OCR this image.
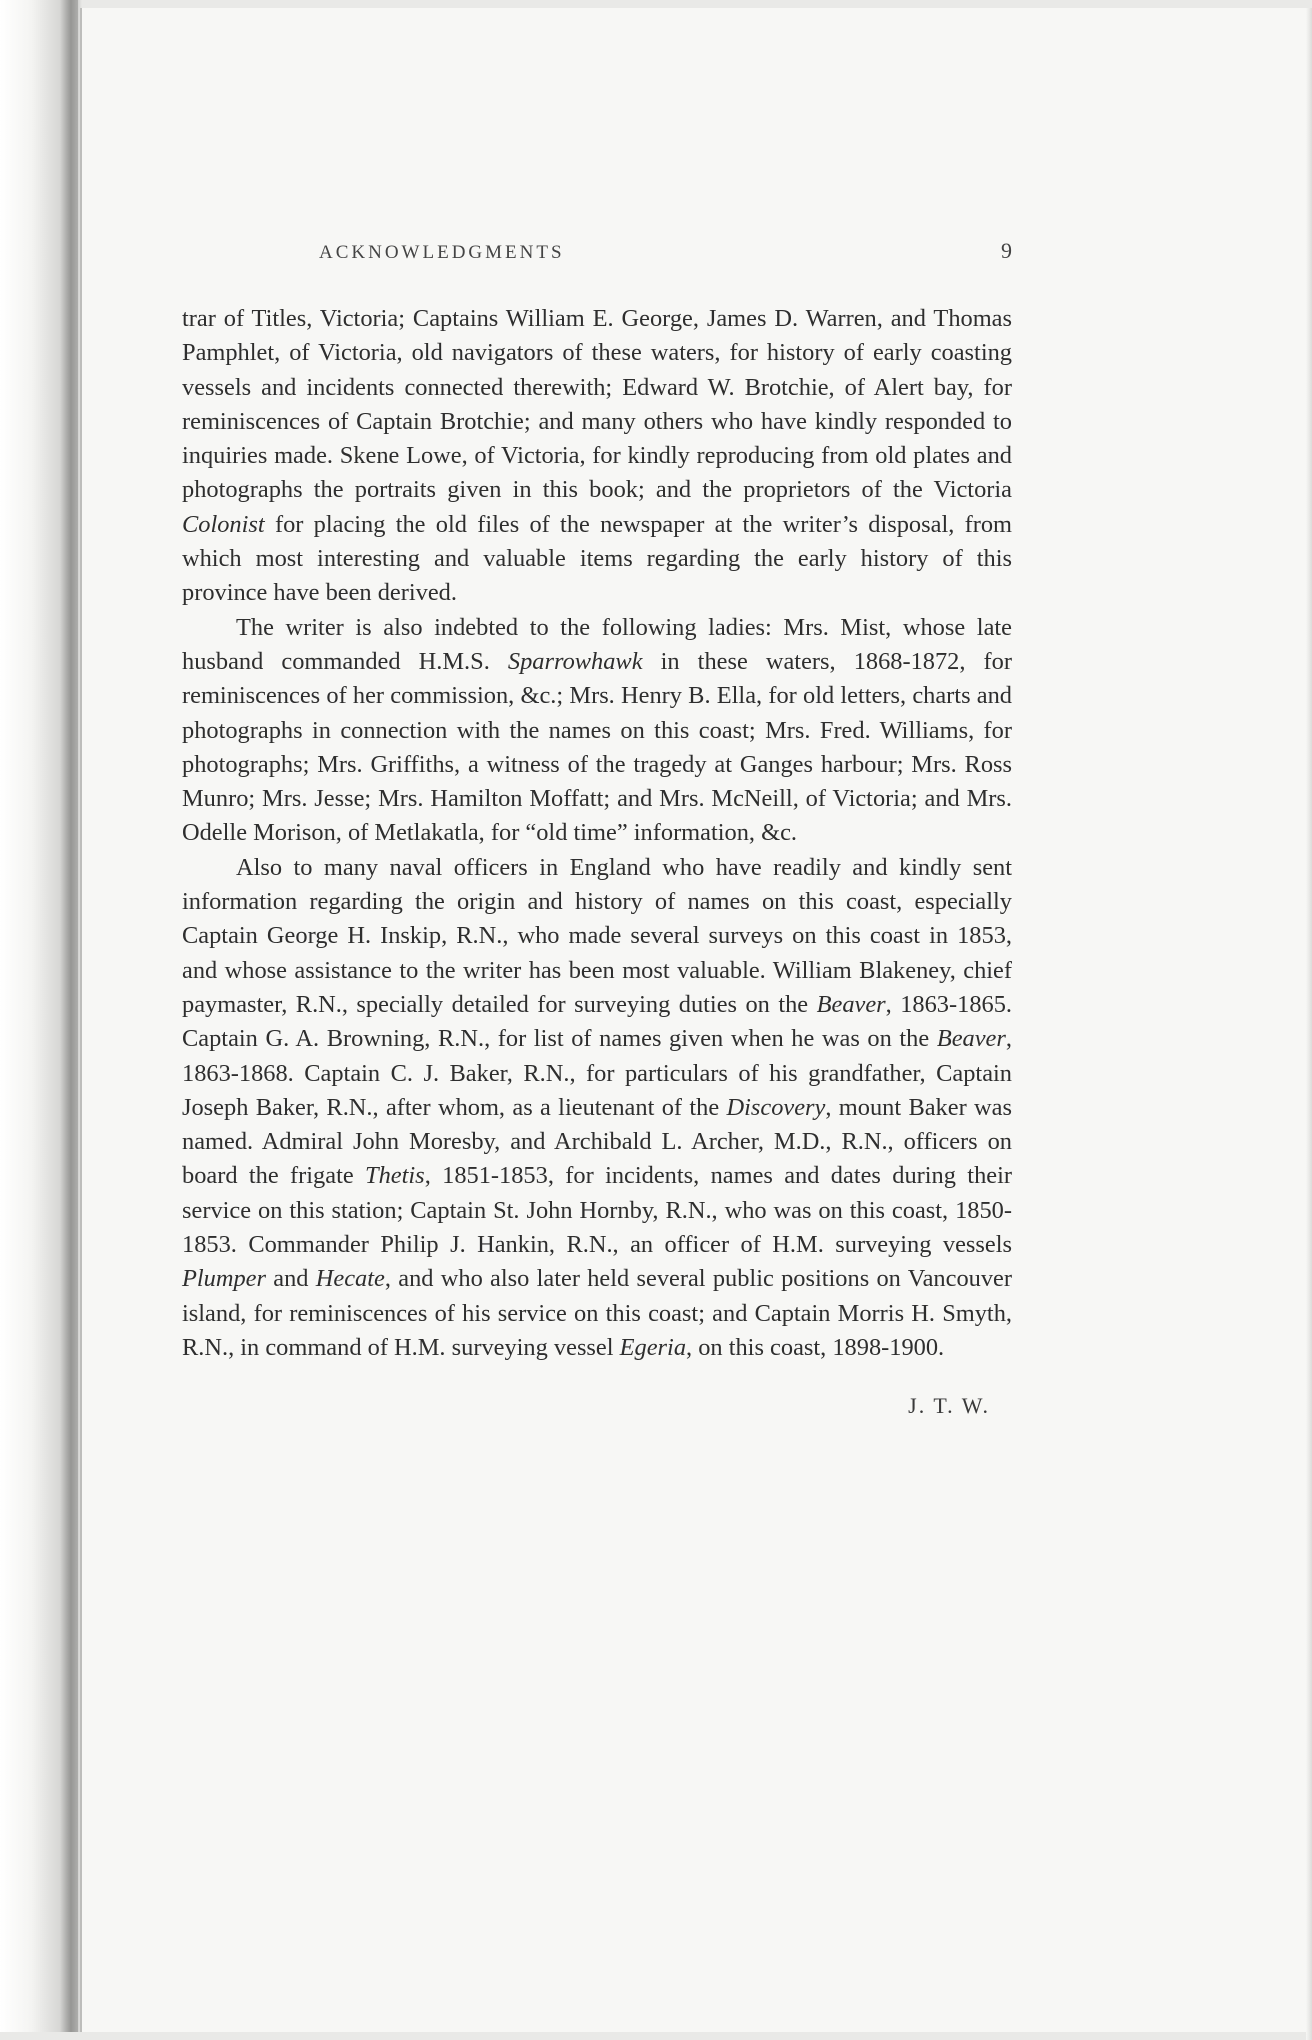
ACKNOWLEDGMENTS	9

trar of Titles, Victoria; Captains William E. George, James D. Warren, and Thomas Pamphlet, of Victoria, old navigators of these waters, for history of early coasting vessels and incidents connected therewith; Edward W. Brotchie, of Alert bay, for reminiscences of Captain Brotchie; and many others who have kindly responded to inquiries made. Skene Lowe, of Victoria, for kindly reproducing from old plates and photographs the portraits given in this book; and the proprietors of the Victoria Colonist for placing the old files of the newspaper at the writer’s disposal, from which most interesting and valuable items regarding the early history of this province have been derived.

The writer is also indebted to the following ladies: Mrs. Mist, whose late husband commanded H.M.S. Sparrowhawk in these waters, 1868-1872, for reminiscences of her commission, &c.; Mrs. Henry B. Ella, for old letters, charts and photographs in connection with the names on this coast; Mrs. Fred. Williams, for photographs; Mrs. Griffiths, a witness of the tragedy at Ganges harbour; Mrs. Ross Munro; Mrs. Jesse; Mrs. Hamilton Moffatt; and Mrs. McNeill, of Victoria; and Mrs. Odelle Morison, of Metlakatla, for “old time” information, &c.

Also to many naval officers in England who have readily and kindly sent information regarding the origin and history of names on this coast, especially Captain George H. Inskip, R.N., who made several surveys on this coast in 1853, and whose assistance to the writer has been most valuable. William Blakeney, chief paymaster, R.N., specially detailed for surveying duties on the Beaver, 1863-1865. Captain G. A. Browning, R.N., for list of names given when he was on the Beaver, 1863-1868. Captain C. J. Baker, R.N., for particulars of his grandfather, Captain Joseph Baker, R.N., after whom, as a lieutenant of the Discovery, mount Baker was named. Admiral John Moresby, and Archibald L. Archer, M.D., R.N., officers on board the frigate Thetis, 1851-1853, for incidents, names and dates during their service on this station; Captain St. John Hornby, R.N., who was on this coast, 1850-1853. Commander Philip J. Hankin, R.N., an officer of H.M. surveying vessels Plumper and Hecate, and who also later held several public positions on Vancouver island, for reminiscences of his service on this coast; and Captain Morris H. Smyth, R.N., in command of H.M. surveying vessel Egeria, on this coast, 1898-1900.

J. T. W.
